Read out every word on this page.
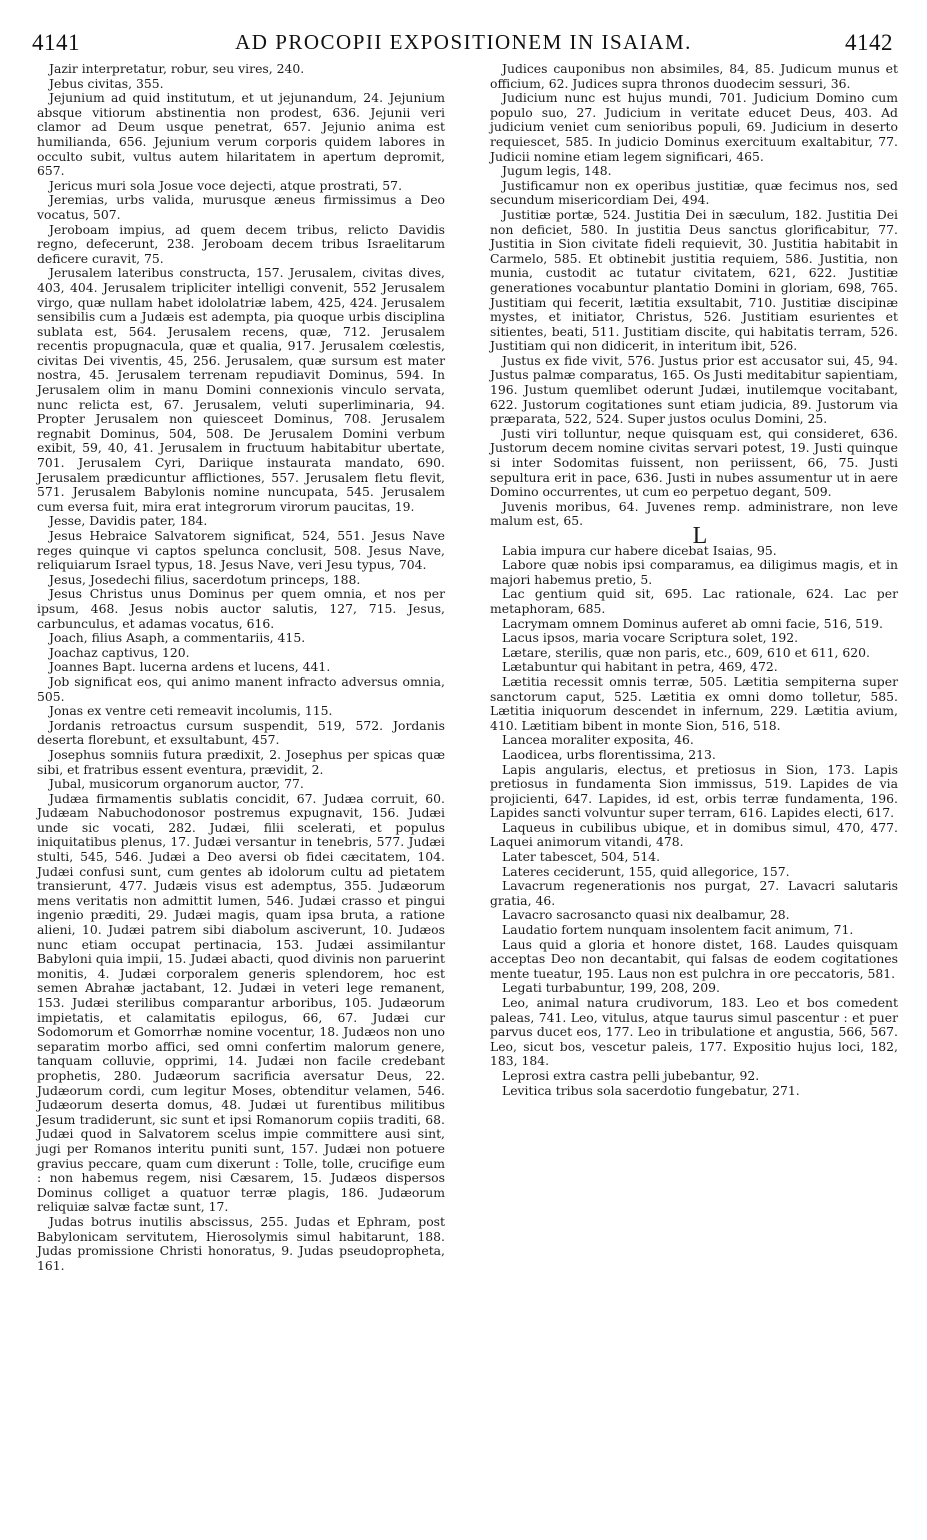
4141	AD PROCOPII EXPOSITIONEM IN ISAIAM.	4142

Jazir interpretatur, robur, seu vires, 240.

Jebus civitas, 355.

Jejunium ad quid institutum, et ut jejunandum, 24. Jejunium absque vitiorum abstinentia non prodest, 636. Jejunii veri clamor ad Deum usque penetrat, 657. Jejunio anima est humilianda, 656. Jejunium verum corporis quidem labores in occulto subit, vultus autem hilaritatem in apertum depromit, 657.

Jericus muri sola Josue voce dejecti, atque prostrati, 57.

Jeremias, urbs valida, murusque æneus firmissimus a Deo vocatus, 507.

Jeroboam impius, ad quem decem tribus, relicto Davidis regno, defecerunt, 238. Jeroboam decem tribus Israelitarum deficere curavit, 75.

Jerusalem lateribus constructa, 157. Jerusalem, civitas dives, 403, 404. Jerusalem tripliciter intelligi convenit, 552 Jerusalem virgo, quæ nullam habet idololatriæ labem, 425, 424. Jerusalem sensibilis cum a Judæis est adempta, pia quoque urbis disciplina sublata est, 564. Jerusalem recens, quæ, 712. Jerusalem recentis propugnacula, quæ et qualia, 917. Jerusalem cœlestis, civitas Dei viventis, 45, 256. Jerusalem, quæ sursum est mater nostra, 45. Jerusalem terrenam repudiavit Dominus, 594. In Jerusalem olim in manu Domini connexionis vinculo servata, nunc relicta est, 67. Jerusalem, veluti superliminaria, 94. Propter Jerusalem non quiesceet Dominus, 708. Jerusalem regnabit Dominus, 504, 508. De Jerusalem Domini verbum exibit, 59, 40, 41. Jerusalem in fructuum habitabitur ubertate, 701. Jerusalem Cyri, Dariique instaurata mandato, 690. Jerusalem prædicuntur afflictiones, 557. Jerusalem fletu flevit, 571. Jerusalem Babylonis nomine nuncupata, 545. Jerusalem cum eversa fuit, mira erat integrorum virorum paucitas, 19.

Jesse, Davidis pater, 184.

Jesus Hebraice Salvatorem significat, 524, 551. Jesus Nave reges quinque vi captos spelunca conclusit, 508. Jesus Nave, reliquiarum Israel typus, 18. Jesus Nave, veri Jesu typus, 704.

Jesus, Josedechi filius, sacerdotum princeps, 188.

Jesus Christus unus Dominus per quem omnia, et nos per ipsum, 468. Jesus nobis auctor salutis, 127, 715. Jesus, carbunculus, et adamas vocatus, 616.

Joach, filius Asaph, a commentariis, 415.

Joachaz captivus, 120.

Joannes Bapt. lucerna ardens et lucens, 441.

Job significat eos, qui animo manent infracto adversus omnia, 505.

Jonas ex ventre ceti remeavit incolumis, 115.

Jordanis retroactus cursum suspendit, 519, 572. Jordanis deserta florebunt, et exsultabunt, 457.

Josephus somniis futura prædixit, 2. Josephus per spicas quæ sibi, et fratribus essent eventura, prævidit, 2.

Jubal, musicorum organorum auctor, 77.

Judæa firmamentis sublatis concidit, 67. Judæa corruit, 60. Judæam Nabuchodonosor postremus expugnavit, 156. Judæi unde sic vocati, 282. Judæi, filii scelerati, et populus iniquitatibus plenus, 17. Judæi versantur in tenebris, 577. Judæi stulti, 545, 546. Judæi a Deo aversi ob fidei cæcitatem, 104. Judæi confusi sunt, cum gentes ab idolorum cultu ad pietatem transierunt, 477. Judæis visus est ademptus, 355. Judæorum mens veritatis non admittit lumen, 546. Judæi crasso et pingui ingenio præditi, 29. Judæi magis, quam ipsa bruta, a ratione alieni, 10. Judæi patrem sibi diabolum asciverunt, 10. Judæos nunc etiam occupat pertinacia, 153. Judæi assimilantur Babyloni quia impii, 15. Judæi abacti, quod divinis non paruerint monitis, 4. Judæi corporalem generis splendorem, hoc est semen Abrahæ jactabant, 12. Judæi in veteri lege remanent, 153. Judæi sterilibus comparantur arboribus, 105. Judæorum impietatis, et calamitatis epilogus, 66, 67. Judæi cur Sodomorum et Gomorrhæ nomine vocentur, 18. Judæos non uno separatim morbo affici, sed omni confertim malorum genere, tanquam colluvie, opprimi, 14. Judæi non facile credebant prophetis, 280. Judæorum sacrificia aversatur Deus, 22. Judæorum cordi, cum legitur Moses, obtenditur velamen, 546. Judæorum deserta domus, 48. Judæi ut furentibus militibus Jesum tradiderunt, sic sunt et ipsi Romanorum copiis traditi, 68. Judæi quod in Salvatorem scelus impie committere ausi sint, jugi per Romanos interitu puniti sunt, 157. Judæi non potuere gravius peccare, quam cum dixerunt : Tolle, tolle, crucifige eum : non habemus regem, nisi Cæsarem, 15. Judæos dispersos Dominus colliget a quatuor terræ plagis, 186. Judæorum reliquiæ salvæ factæ sunt, 17.

Judas botrus inutilis abscissus, 255. Judas et Ephram, post Babylonicam servitutem, Hierosolymis simul habitarunt, 188. Judas promissione Christi honoratus, 9. Judas pseudopropheta, 161.

Judices cauponibus non absimiles, 84, 85. Judicum munus et officium, 62. Judices supra thronos duodecim sessuri, 36.

Judicium nunc est hujus mundi, 701. Judicium Domino cum populo suo, 27. Judicium in veritate educet Deus, 403. Ad judicium veniet cum senioribus populi, 69. Judicium in deserto requiescet, 585. In judicio Dominus exercituum exaltabitur, 77. Judicii nomine etiam legem significari, 465.

Jugum legis, 148.

Justificamur non ex operibus justitiæ, quæ fecimus nos, sed secundum misericordiam Dei, 494.

Justitiæ portæ, 524. Justitia Dei in sæculum, 182. Justitia Dei non deficiet, 580. In justitia Deus sanctus glorificabitur, 77. Justitia in Sion civitate fideli requievit, 30. Justitia habitabit in Carmelo, 585. Et obtinebit justitia requiem, 586. Justitia, non munia, custodit ac tutatur civitatem, 621, 622. Justitiæ generationes vocabuntur plantatio Domini in gloriam, 698, 765. Justitiam qui fecerit, lætitia exsultabit, 710. Justitiæ discipinæ mystes, et initiator, Christus, 526. Justitiam esurientes et sitientes, beati, 511. Justitiam discite, qui habitatis terram, 526. Justitiam qui non didicerit, in interitum ibit, 526.

Justus ex fide vivit, 576. Justus prior est accusator sui, 45, 94. Justus palmæ comparatus, 165. Os Justi meditabitur sapientiam, 196. Justum quemlibet oderunt Judæi, inutilemque vocitabant, 622. Justorum cogitationes sunt etiam judicia, 89. Justorum via præparata, 522, 524. Super justos oculus Domini, 25.

Justi viri tolluntur, neque quisquam est, qui consideret, 636. Justorum decem nomine civitas servari potest, 19. Justi quinque si inter Sodomitas fuissent, non periissent, 66, 75. Justi sepultura erit in pace, 636. Justi in nubes assumentur ut in aere Domino occurrentes, ut cum eo perpetuo degant, 509.

Juvenis moribus, 64. Juvenes remp. administrare, non leve malum est, 65.

L

Labia impura cur habere dicebat Isaias, 95.

Labore quæ nobis ipsi comparamus, ea diligimus magis, et in majori habemus pretio, 5.

Lac gentium quid sit, 695. Lac rationale, 624. Lac per metaphoram, 685.

Lacrymam omnem Dominus auferet ab omni facie, 516, 519.

Lacus ipsos, maria vocare Scriptura solet, 192.

Lætare, sterilis, quæ non paris, etc., 609, 610 et 611, 620.

Lætabuntur qui habitant in petra, 469, 472.

Lætitia recessit omnis terræ, 505. Lætitia sempiterna super sanctorum caput, 525. Lætitia ex omni domo tolletur, 585. Lætitia iniquorum descendet in infernum, 229. Lætitia avium, 410. Lætitiam bibent in monte Sion, 516, 518.

Lancea moraliter exposita, 46.

Laodicea, urbs florentissima, 213.

Lapis angularis, electus, et pretiosus in Sion, 173. Lapis pretiosus in fundamenta Sion immissus, 519. Lapides de via projicienti, 647. Lapides, id est, orbis terræ fundamenta, 196. Lapides sancti volvuntur super terram, 616. Lapides electi, 617.

Laqueus in cubilibus ubique, et in domibus simul, 470, 477. Laquei animorum vitandi, 478.

Later tabescet, 504, 514.

Lateres ceciderunt, 155, quid allegorice, 157.

Lavacrum regenerationis nos purgat, 27. Lavacri salutaris gratia, 46.

Lavacro sacrosancto quasi nix dealbamur, 28.

Laudatio fortem nunquam insolentem facit animum, 71.

Laus quid a gloria et honore distet, 168. Laudes quisquam acceptas Deo non decantabit, qui falsas de eodem cogitationes mente tueatur, 195. Laus non est pulchra in ore peccatoris, 581.

Legati turbabuntur, 199, 208, 209.

Leo, animal natura crudivorum, 183. Leo et bos comedent paleas, 741. Leo, vitulus, atque taurus simul pascentur : et puer parvus ducet eos, 177. Leo in tribulatione et angustia, 566, 567. Leo, sicut bos, vescetur paleis, 177. Expositio hujus loci, 182, 183, 184.

Leprosi extra castra pelli jubebantur, 92.

Levitica tribus sola sacerdotio fungebatur, 271.
